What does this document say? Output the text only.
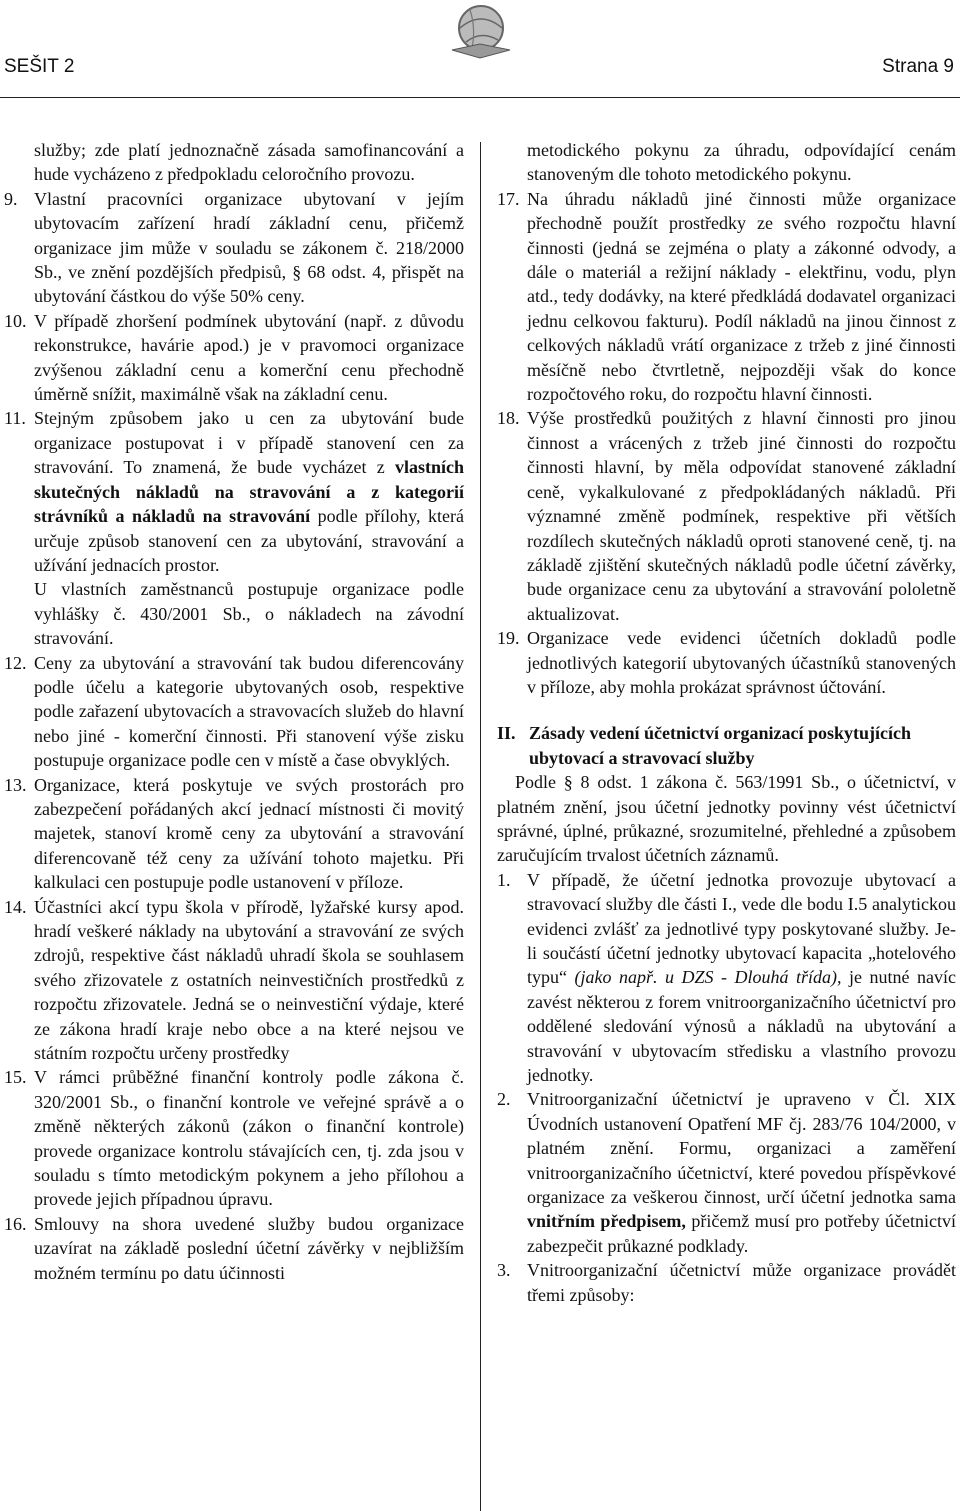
SEŠIT 2	Strana 9

služby; zde platí jednoznačně zásada samofinancování a hude vycházeno z předpokladu celoročního provozu.

9. Vlastní pracovníci organizace ubytovaní v jejím ubytovacím zařízení hradí základní cenu, přičemž organizace jim může v souladu se zákonem č. 218/2000 Sb., ve znění pozdějších předpisů, § 68 odst. 4, přispět na ubytování částkou do výše 50% ceny.
10. V případě zhoršení podmínek ubytování (např. z důvodu rekonstrukce, havárie apod.) je v pravomoci organizace zvýšenou základní cenu a komerční cenu přechodně úměrně snížit, maximálně však na základní cenu.
11. Stejným způsobem jako u cen za ubytování bude organizace postupovat i v případě stanovení cen za stravování. To znamená, že bude vycházet z vlastních skutečných nákladů na stravování a z kategorií strávníků a nákladů na stravování podle přílohy, která určuje způsob stanovení cen za ubytování, stravování a užívání jednacích prostor.

U vlastních zaměstnanců postupuje organizace podle vyhlášky č. 430/2001 Sb., o nákladech na závodní stravování.

12. Ceny za ubytování a stravování tak budou diferencovány podle účelu a kategorie ubytovaných osob, respektive podle zařazení ubytovacích a stravovacích služeb do hlavní nebo jiné - komerční činnosti. Při stanovení výše zisku postupuje organizace podle cen v místě a čase obvyklých.
13. Organizace, která poskytuje ve svých prostorách pro zabezpečení pořádaných akcí jednací místnosti či movitý majetek, stanoví kromě ceny za ubytování a stravování diferencovaně též ceny za užívání tohoto majetku. Při kalkulaci cen postupuje podle ustanovení v příloze.
14. Účastníci akcí typu škola v přírodě, lyžařské kursy apod. hradí veškeré náklady na ubytování a stravování ze svých zdrojů, respektive část nákladů uhradí škola se souhlasem svého zřizovatele z ostatních neinvestičních prostředků z rozpočtu zřizovatele. Jedná se o neinvestiční výdaje, které ze zákona hradí kraje nebo obce a na které nejsou ve státním rozpočtu určeny prostředky
15. V rámci průběžné finanční kontroly podle zákona č. 320/2001 Sb., o finanční kontrole ve veřejné správě a o změně některých zákonů (zákon o finanční kontrole) provede organizace kontrolu stávajících cen, tj. zda jsou v souladu s tímto metodickým pokynem a jeho přílohou a provede jejich případnou úpravu.
16. Smlouvy na shora uvedené služby budou organizace uzavírat na základě poslední účetní závěrky v nejbližším možném termínu po datu účinnosti

metodického pokynu za úhradu, odpovídající cenám stanoveným dle tohoto metodického pokynu.

17. Na úhradu nákladů jiné činnosti může organizace přechodně použít prostředky ze svého rozpočtu hlavní činnosti (jedná se zejména o platy a zákonné odvody, a dále o materiál a režijní náklady - elektřinu, vodu, plyn atd., tedy dodávky, na které předkládá dodavatel organizaci jednu celkovou fakturu). Podíl nákladů na jinou činnost z celkových nákladů vrátí organizace z tržeb z jiné činnosti měsíčně nebo čtvrtletně, nejpozději však do konce rozpočtového roku, do rozpočtu hlavní činnosti.
18. Výše prostředků použitých z hlavní činnosti pro jinou činnost a vrácených z tržeb jiné činnosti do rozpočtu činnosti hlavní, by měla odpovídat stanovené základní ceně, vykalkulované z předpokládaných nákladů. Při významné změně podmínek, respektive při větších rozdílech skutečných nákladů oproti stanovené ceně, tj. na základě zjištění skutečných nákladů podle účetní závěrky, bude organizace cenu za ubytování a stravování pololetně aktualizovat.
19. Organizace vede evidenci účetních dokladů podle jednotlivých kategorií ubytovaných účastníků stanovených v příloze, aby mohla prokázat správnost účtování.
II. Zásady vedení účetnictví organizací poskytujících ubytovací a stravovací služby

Podle § 8 odst. 1 zákona č. 563/1991 Sb., o účetnictví, v platném znění, jsou účetní jednotky povinny vést účetnictví správné, úplné, průkazné, srozumitelné, přehledné a způsobem zaručujícím trvalost účetních záznamů.

1. V případě, že účetní jednotka provozuje ubytovací a stravovací služby dle části I., vede dle bodu I.5 analytickou evidenci zvlášť za jednotlivé typy poskytované služby. Je-li součástí účetní jednotky ubytovací kapacita „hotelového typu“ (jako např. u DZS - Dlouhá třída), je nutné navíc zavést některou z forem vnitroorganizačního účetnictví pro oddělené sledování výnosů a nákladů na ubytování a stravování v ubytovacím středisku a vlastního provozu jednotky.
2. Vnitroorganizační účetnictví je upraveno v Čl. XIX Úvodních ustanovení Opatření MF čj. 283/76 104/2000, v platném znění. Formu, organizaci a zaměření vnitroorganizačního účetnictví, které povedou příspěvkové organizace za veškerou činnost, určí účetní jednotka sama vnitřním předpisem, přičemž musí pro potřeby účetnictví zabezpečit průkazné podklady.
3. Vnitroorganizační účetnictví může organizace provádět třemi způsoby:
